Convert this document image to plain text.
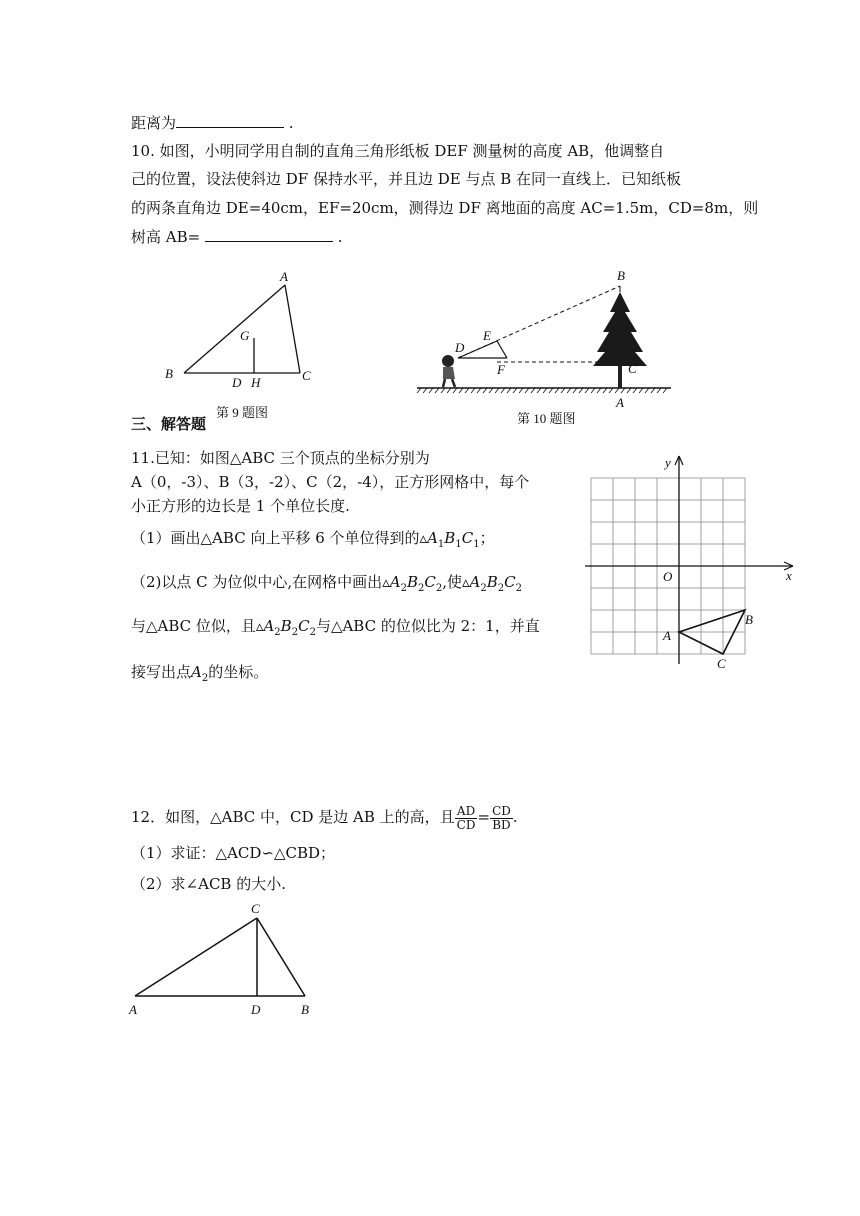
距离为	.
10. 如图，小明同学用自制的直角三角形纸板 DEF 测量树的高度 AB，他调整自
己的位置，设法使斜边 DF 保持水平，并且边 DE 与点 B 在同一直线上．已知纸板
的两条直角边 DE=40cm，EF=20cm，测得边 DF 离地面的高度 AC=1.5m，CD=8m，则
树高 AB=	.
A
B	C
D H
G
第 9 题图
B
E
D
F	C
A
第 10 题图
三、解答题
11.已知：如图△ABC 三个顶点的坐标分别为
A（0，-3）、B（3，-2）、C（2，-4），正方形网格中，每个
小正方形的边长是 1 个单位长度.
（1）画出△ABC 向上平移 6 个单位得到的$▵A_1B_1C_1$；
（2)以点 C 为位似中心,在网格中画出$▵A_2B_2C_2$,使$▵A_2B_2C_2$
与△ABC 位似，且$▵A_2B_2C_2$与△ABC 的位似比为 2：1，并直
接写出点$A_2$的坐标。
x
y
O
A
B
C
12．如图，△ABC 中，CD 是边 AB 上的高，且 $\frac{AD}{CD} = \frac{CD}{BD}$ .
（1）求证：△ACD∽△CBD；
（2）求∠ACB 的大小.
C
A	D	B
